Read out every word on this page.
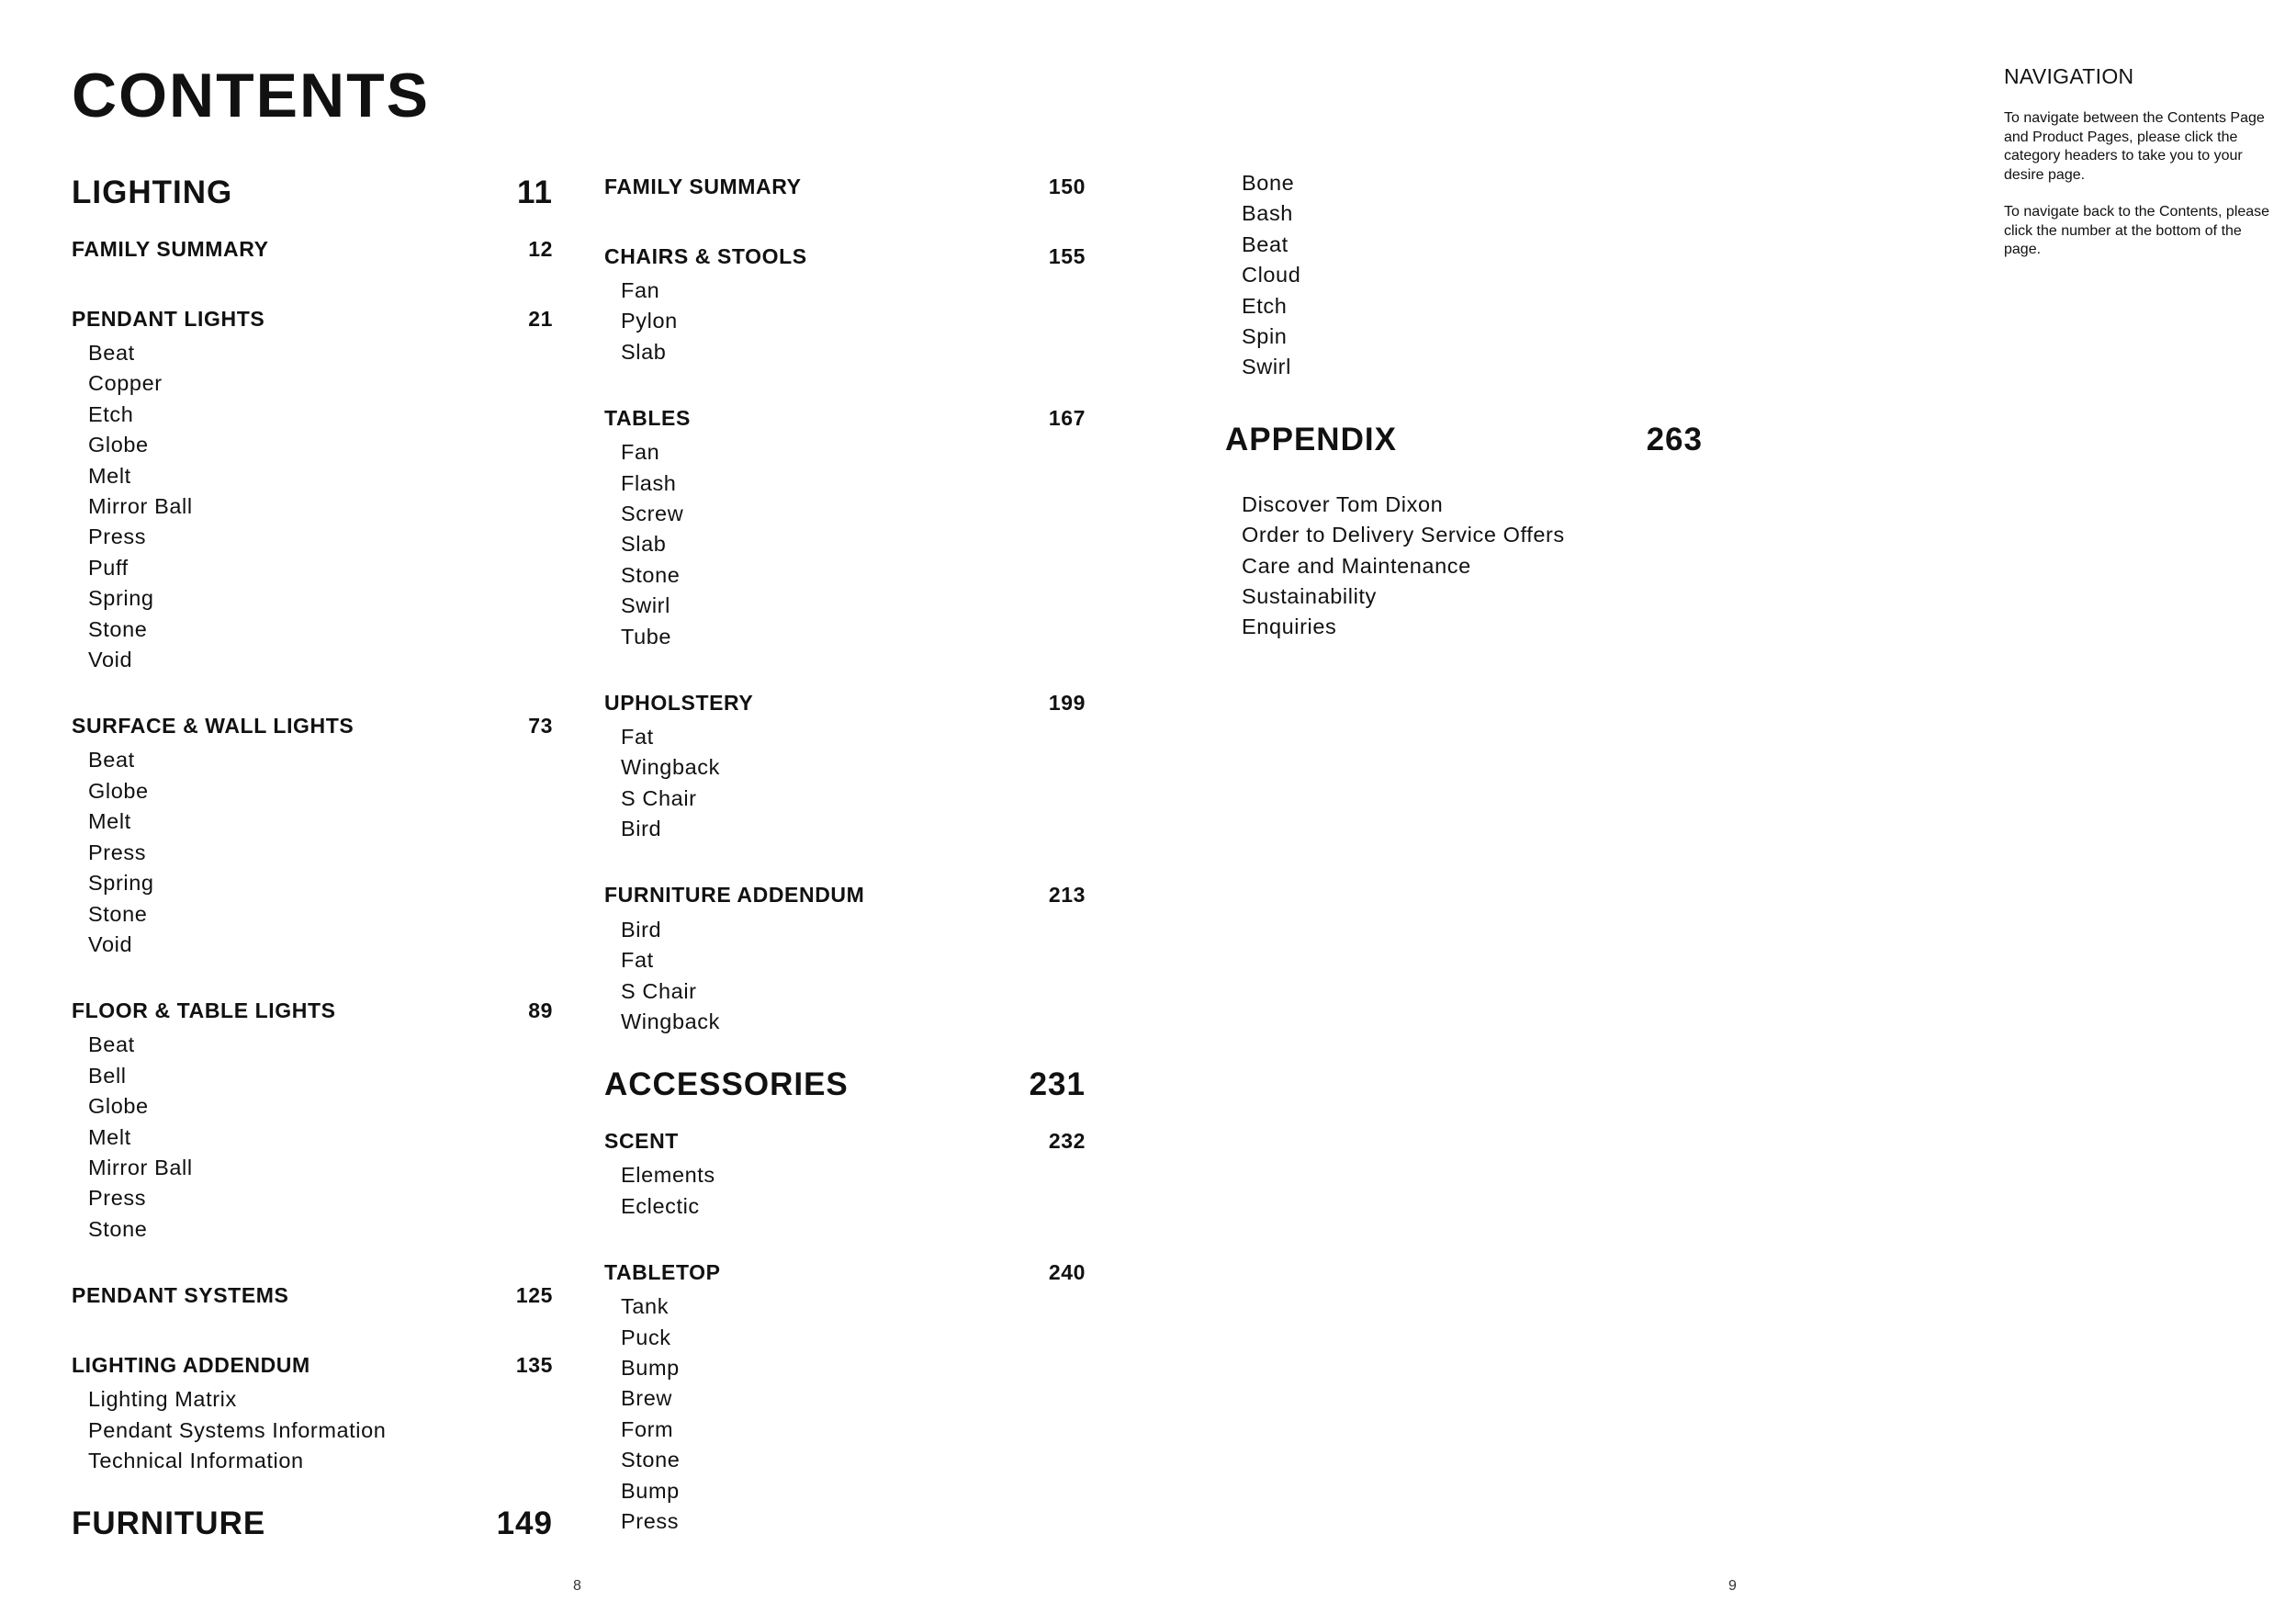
CONTENTS
LIGHTING	11
FAMILY SUMMARY	12
PENDANT LIGHTS	21
Beat
Copper
Etch
Globe
Melt
Mirror Ball
Press
Puff
Spring
Stone
Void
SURFACE & WALL LIGHTS	73
Beat
Globe
Melt
Press
Spring
Stone
Void
FLOOR & TABLE LIGHTS	89
Beat
Bell
Globe
Melt
Mirror Ball
Press
Stone
PENDANT SYSTEMS	125
LIGHTING ADDENDUM	135
Lighting Matrix
Pendant Systems Information
Technical Information
FURNITURE	149
FAMILY SUMMARY	150
CHAIRS & STOOLS	155
Fan
Pylon
Slab
TABLES	167
Fan
Flash
Screw
Slab
Stone
Swirl
Tube
UPHOLSTERY	199
Fat
Wingback
S Chair
Bird
FURNITURE ADDENDUM	213
Bird
Fat
S Chair
Wingback
ACCESSORIES	231
SCENT	232
Elements
Eclectic
TABLETOP	240
Tank
Puck
Bump
Brew
Form
Stone
Bump
Press
Bone
Bash
Beat
Cloud
Etch
Spin
Swirl
APPENDIX	263
Discover Tom Dixon
Order to Delivery Service Offers
Care and Maintenance
Sustainability
Enquiries
NAVIGATION

To navigate between the Contents Page and Product Pages, please click the category headers to take you to your desire page.

To navigate back to the Contents, please click the number at the bottom of the page.

8	9
